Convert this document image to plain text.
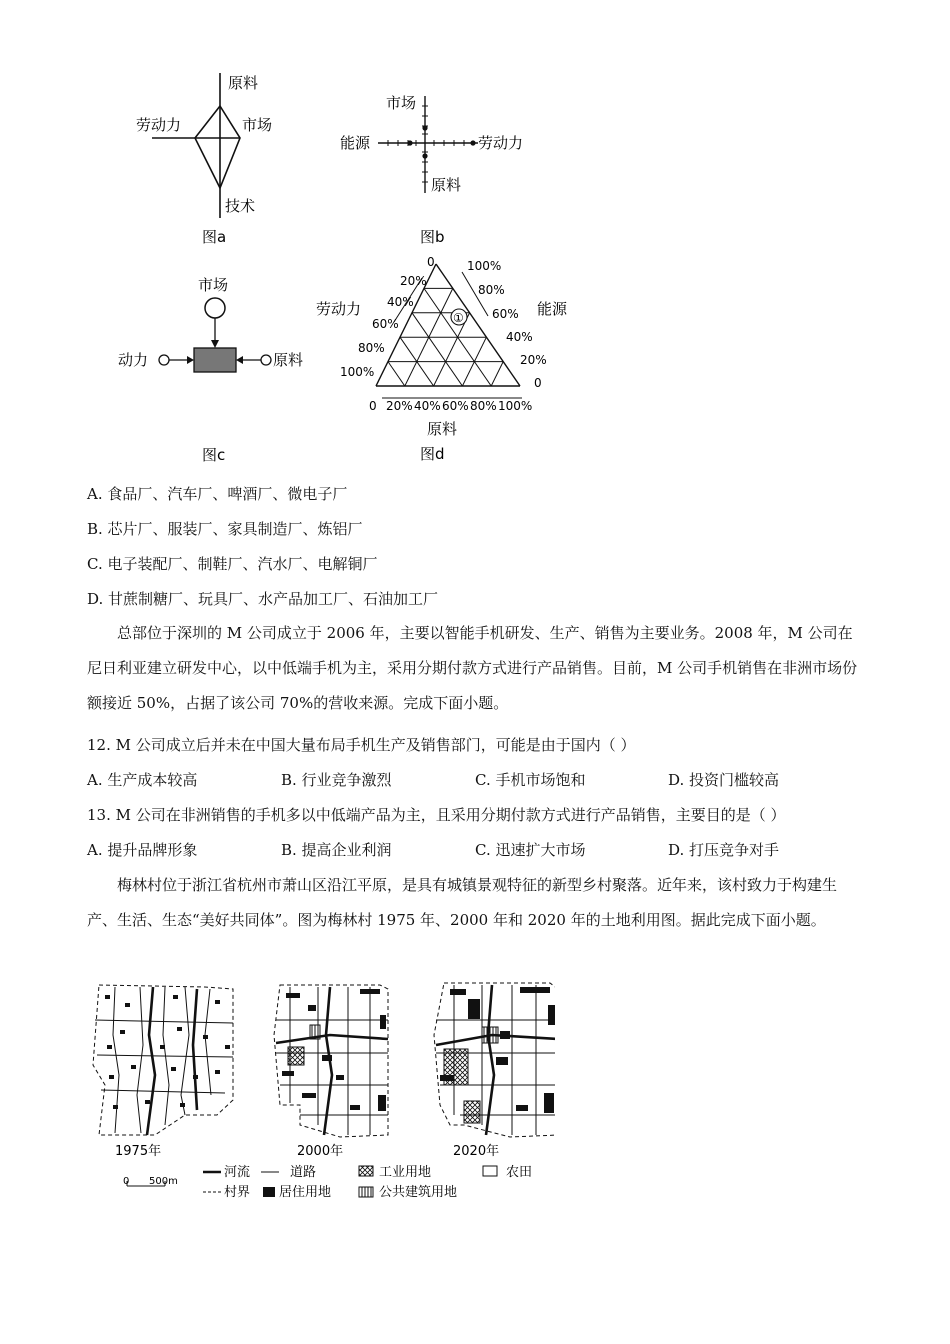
原料
劳动力	市场
技术
图a
市场
能源	劳动力
原料
图b
市场
动力	原料
图c
①
劳动力	能源
原料
0
20%
40%
60%
80%
100%
100%
80%
60%
40%
20%
0
0 20% 40% 60% 80% 100%
图d
A. 食品厂、汽车厂、啤酒厂、微电子厂
B. 芯片厂、服装厂、家具制造厂、炼铝厂
C. 电子装配厂、制鞋厂、汽水厂、电解铜厂
D. 甘蔗制糖厂、玩具厂、水产品加工厂、石油加工厂
总部位于深圳的 M 公司成立于 2006 年，主要以智能手机研发、生产、销售为主要业务。2008 年，M 公司在尼日利亚建立研发中心，以中低端手机为主，采用分期付款方式进行产品销售。目前，M 公司手机销售在非洲市场份额接近 50%，占据了该公司 70%的营收来源。完成下面小题。
12. M 公司成立后并未在中国大量布局手机生产及销售部门，可能是由于国内（ ）
A. 生产成本较高	B. 行业竞争激烈	C. 手机市场饱和	D. 投资门槛较高
13. M 公司在非洲销售的手机多以中低端产品为主，且采用分期付款方式进行产品销售，主要目的是（ ）
A. 提升品牌形象	B. 提高企业利润	C. 迅速扩大市场	D. 打压竞争对手
梅林村位于浙江省杭州市萧山区沿江平原，是具有城镇景观特征的新型乡村聚落。近年来，该村致力于构建生产、生活、生态“美好共同体”。图为梅林村 1975 年、2000 年和 2020 年的土地利用图。据此完成下面小题。
1975年	2000年	2020年
0 500m
河流	道路	工业用地	农田
村界 居住用地	公共建筑用地
